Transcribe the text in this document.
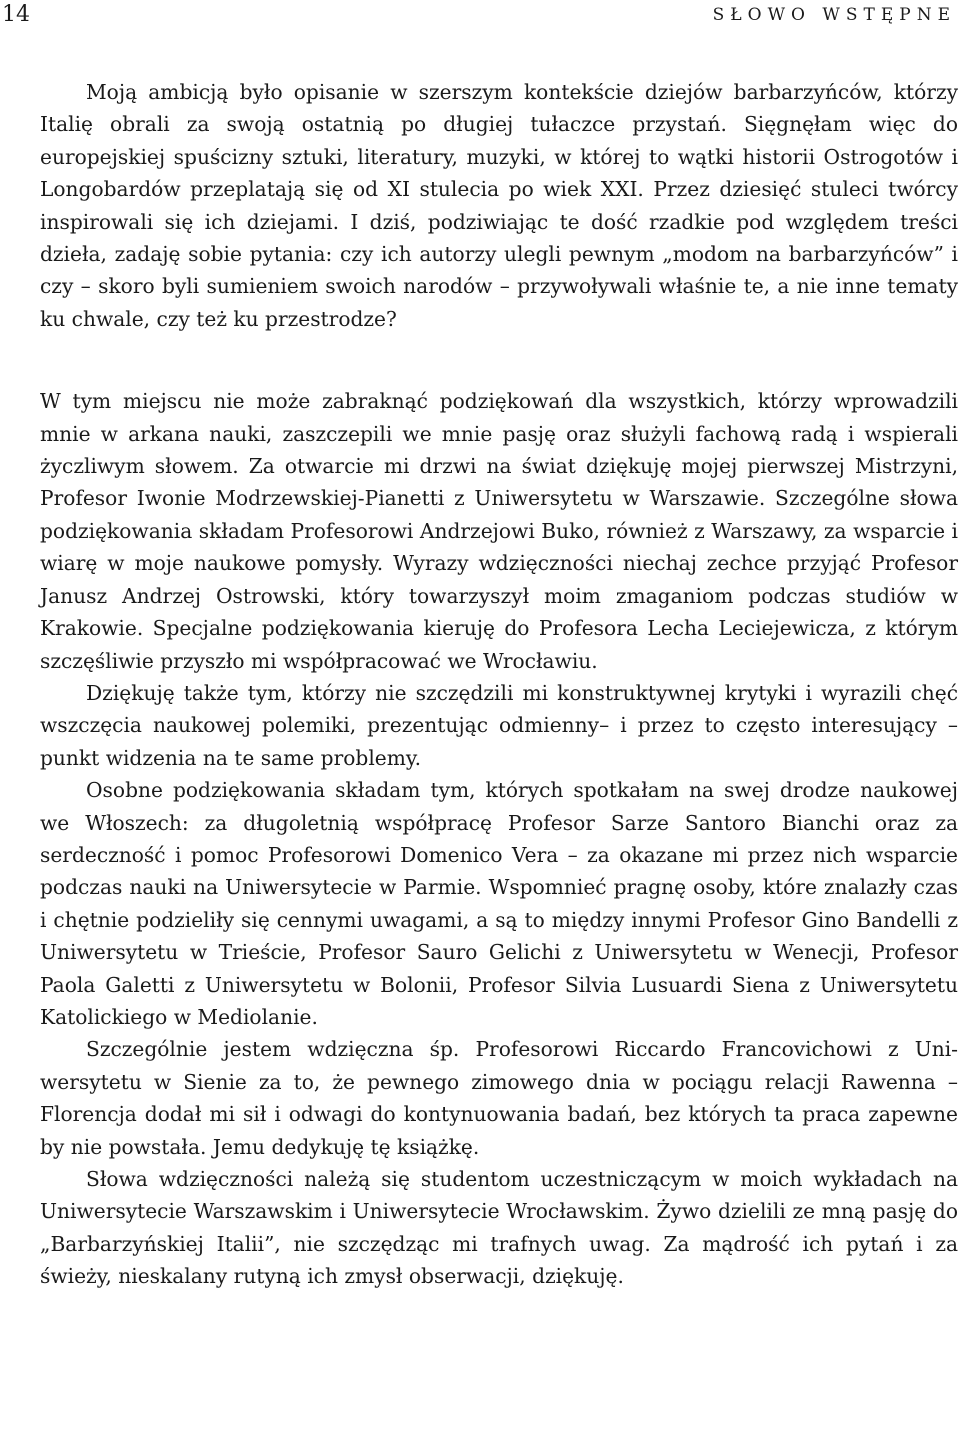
14	SŁOWO WSTĘPNE

Moją ambicją było opisanie w szerszym kontekście dziejów barbarzyńców, którzy Italię obrali za swoją ostatnią po długiej tułaczce przystań. Sięgnęłam więc do europejskiej spuścizny sztuki, literatury, muzyki, w której to wątki historii Ostrogotów i Longobardów przeplatają się od XI stulecia po wiek XXI. Przez dziesięć stuleci twórcy inspirowali się ich dziejami. I dziś, podziwiając te dość rzadkie pod względem treści dzieła, zadaję sobie pytania: czy ich autorzy ulegli pewnym „modom na barbarzyńców” i czy – skoro byli sumieniem swoich narodów – przywoływali właśnie te, a nie inne tematy ku chwale, czy też ku przestrodze?

W tym miejscu nie może zabraknąć podziękowań dla wszystkich, którzy wprowadzili mnie w arkana nauki, zaszczepili we mnie pasję oraz służyli fachową radą i wspierali życzliwym słowem. Za otwarcie mi drzwi na świat dziękuję mojej pierwszej Mistrzyni, Profesor Iwonie Modrzewskiej-Pianetti z Uniwersytetu w Warszawie. Szczególne słowa podziękowania składam Profesorowi Andrzejowi Buko, również z Warszawy, za wsparcie i wiarę w moje naukowe pomysły. Wyrazy wdzięczności niechaj zechce przyjąć Profesor Janusz Andrzej Ostrowski, który towarzyszył moim zmaganiom podczas studiów w Krakowie. Specjalne podziękowania kieruję do Profesora Lecha Leciejewicza, z którym szczęśliwie przyszło mi współpracować we Wrocławiu.

Dziękuję także tym, którzy nie szczędzili mi konstruktywnej krytyki i wyrazili chęć wszczęcia naukowej polemiki, prezentując odmienny– i przez to często interesujący – punkt widzenia na te same problemy.

Osobne podziękowania składam tym, których spotkałam na swej drodze naukowej we Włoszech: za długoletnią współpracę Profesor Sarze Santoro Bianchi oraz za serdeczność i pomoc Profesorowi Domenico Vera – za okazane mi przez nich wsparcie podczas nauki na Uniwersytecie w Parmie. Wspomnieć pragnę osoby, które znalazły czas i chętnie podzieliły się cennymi uwagami, a są to między innymi Profesor Gino Bandelli z Uniwersytetu w Trieście, Profesor Sauro Gelichi z Uniwersytetu w Wenecji, Profesor Paola Galetti z Uniwersytetu w Bolonii, Profesor Silvia Lusuardi Siena z Uniwersytetu Katolickiego w Mediolanie.

Szczególnie jestem wdzięczna śp. Profesorowi Riccardo Francovichowi z Uniwersytetu w Sienie za to, że pewnego zimowego dnia w pociągu relacji Rawenna – Florencja dodał mi sił i odwagi do kontynuowania badań, bez których ta praca zapewne by nie powstała. Jemu dedykuję tę książkę.

Słowa wdzięczności należą się studentom uczestniczącym w moich wykładach na Uniwersytecie Warszawskim i Uniwersytecie Wrocławskim. Żywo dzielili ze mną pasję do „Barbarzyńskiej Italii”, nie szczędząc mi trafnych uwag. Za mądrość ich pytań i za świeży, nieskalany rutyną ich zmysł obserwacji, dziękuję.
